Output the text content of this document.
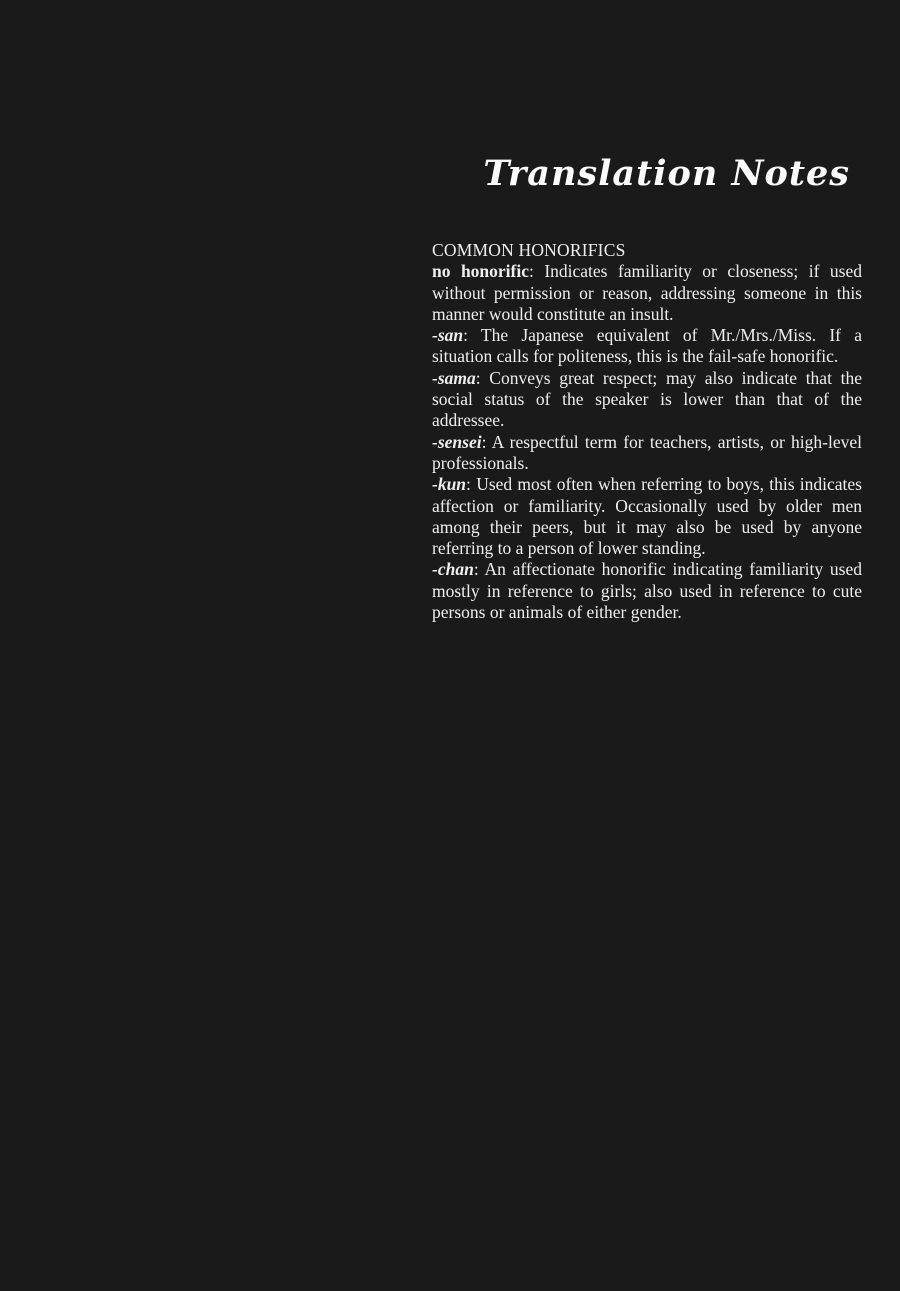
Translation Notes

COMMON HONORIFICS

no honorific: Indicates familiarity or closeness; if used without permission or reason, addressing someone in this manner would constitute an insult.

-san: The Japanese equivalent of Mr./Mrs./Miss. If a situation calls for politeness, this is the fail-safe honorific.

-sama: Conveys great respect; may also indicate that the social status of the speaker is lower than that of the addressee.

-sensei: A respectful term for teachers, artists, or high-level professionals.

-kun: Used most often when referring to boys, this indicates affection or familiarity. Occasionally used by older men among their peers, but it may also be used by anyone referring to a person of lower standing.

-chan: An affectionate honorific indicating familiarity used mostly in reference to girls; also used in reference to cute persons or animals of either gender.
